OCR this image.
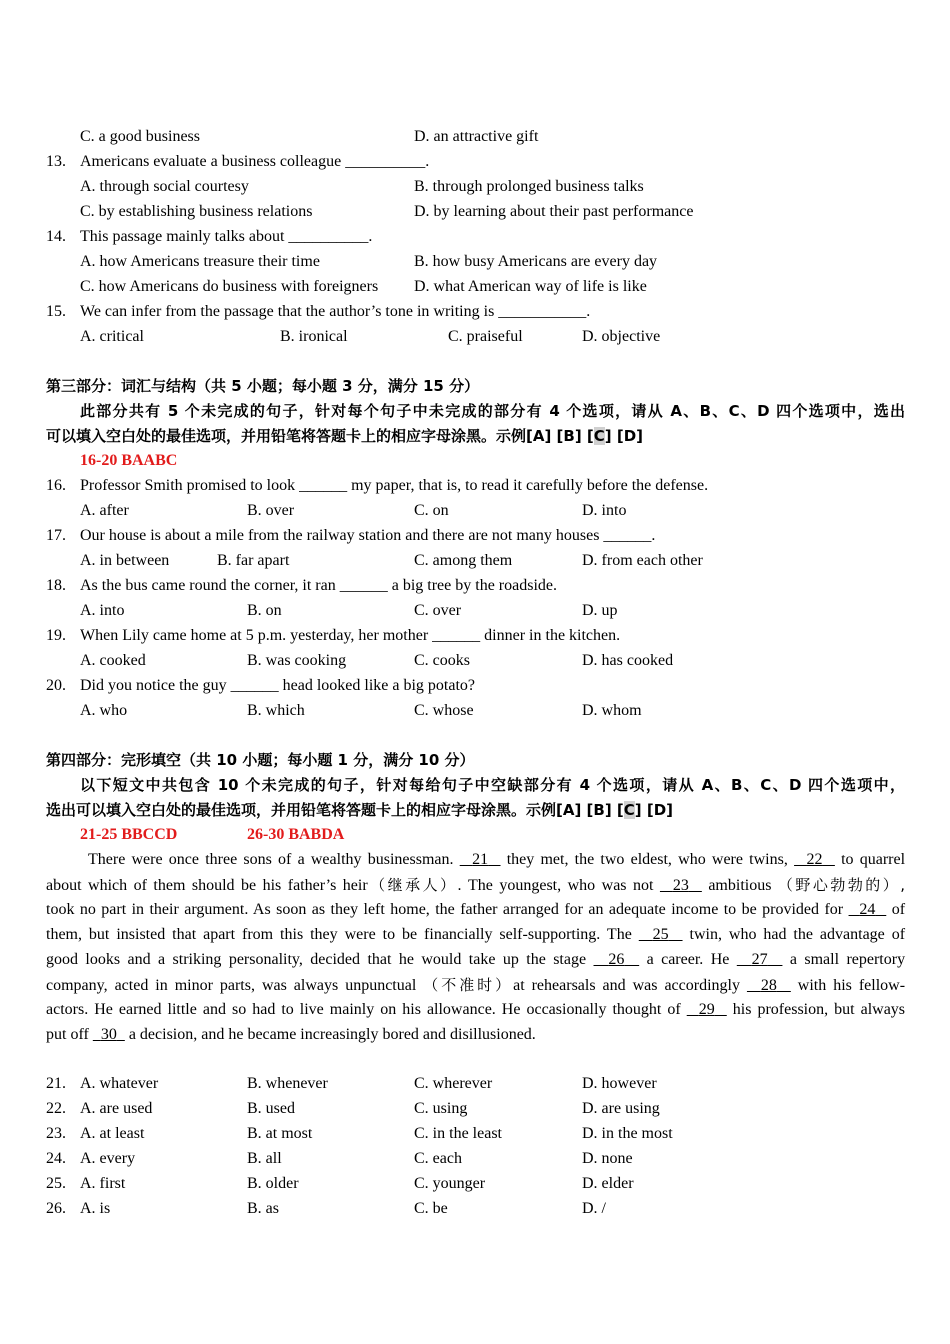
C. a good business	D. an attractive gift
13. Americans evaluate a business colleague __________.
A. through social courtesy	B. through prolonged business talks
C. by establishing business relations	D. by learning about their past performance
14. This passage mainly talks about __________.
A. how Americans treasure their time	B. how busy Americans are every day
C. how Americans do business with foreigners D. what American way of life is like
15. We can infer from the passage that the author’s tone in writing is ___________.
A. critical	B. ironical	C. praiseful	D. objective
第三部分：词汇与结构（共 5 小题；每小题 3 分，满分 15 分）
此部分共有 5 个未完成的句子，针对每个句子中未完成的部分有 4 个选项，请从 A、B、C、D 四个选项中，选出
可以填入空白处的最佳选项，并用铅笔将答题卡上的相应字母涂黑。示例[A] [B] [C] [D]
16-20 BAABC
16. Professor Smith promised to look ______ my paper, that is, to read it carefully before the defense.
A. after	B. over	C. on	D. into
17. Our house is about a mile from the railway station and there are not many houses ______.
A. in between	B. far apart	C. among them	D. from each other
18. As the bus came round the corner, it ran ______ a big tree by the roadside.
A. into	B. on	C. over	D. up
19. When Lily came home at 5 p.m. yesterday, her mother ______ dinner in the kitchen.
A. cooked	B. was cooking	C. cooks	D. has cooked
20. Did you notice the guy ______ head looked like a big potato?
A. who	B. which	C. whose	D. whom
第四部分：完形填空（共 10 小题；每小题 1 分，满分 10 分）
以下短文中共包含 10 个未完成的句子，针对每给句子中空缺部分有 4 个选项，请从 A、B、C、D 四个选项中，
选出可以填入空白处的最佳选项，并用铅笔将答题卡上的相应字母涂黑。示例[A] [B] [C] [D]
21-25 BBCCD	26-30 BABDA
There were once three sons of a wealthy businessman. 21 they met, the two eldest, who were twins, 22 to quarrel
about which of them should be his father’s heir（继承人）. The youngest, who was not 23 ambitious （野心勃勃的）,
took no part in their argument. As soon as they left home, the father arranged for an adequate income to be provided for 24 of
them, but insisted that apart from this they were to be financially self-supporting. The 25 twin, who had the advantage of
good looks and a striking personality, decided that he would take up the stage 26 a career. He 27 a small repertory
company, acted in minor parts, was always unpunctual （不准时）at rehearsals and was accordingly 28 with his fellow-
actors. He earned little and so had to live mainly on his allowance. He occasionally thought of 29 his profession, but always
put off 30 a decision, and he became increasingly bored and disillusioned.
21. A. whatever	B. whenever	C. wherever	D. however
22. A. are used	B. used	C. using	D. are using
23. A. at least	B. at most	C. in the least	D. in the most
24. A. every	B. all	C. each	D. none
25. A. first	B. older	C. younger	D. elder
26. A. is	B. as	C. be	D. /
